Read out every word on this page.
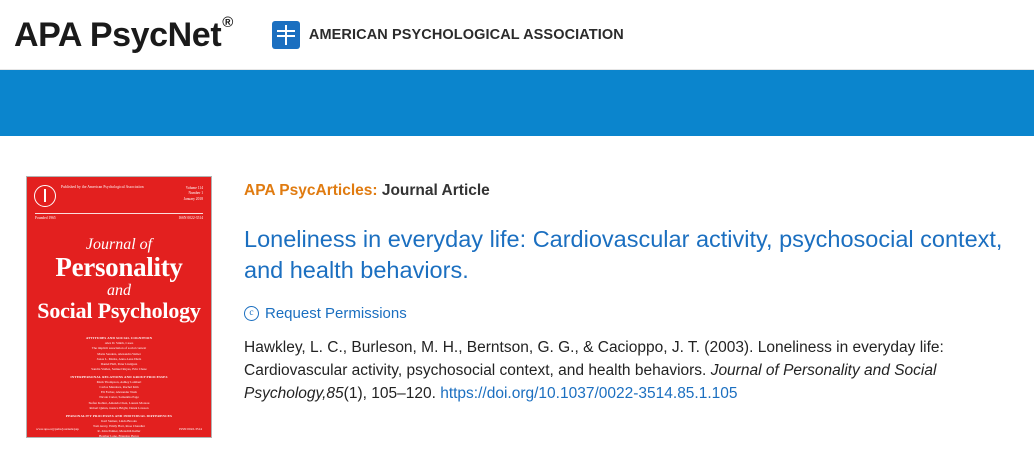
APA PsycNet®
AMERICAN PSYCHOLOGICAL ASSOCIATION
Published by the American Psychological Association	Volume 114
Number 1
January 2018
Founded 1965	ISSN 0022-3514
Journal of
Personality
and
Social Psychology
ATTITUDES AND SOCIAL COGNITION
Alex D. Smith, Cases
The implicit association of social context
Maria Sanders, Alexandra Weber
Jonas L. Marks, Anna-Lena Dietz
Daniel Hall, Peter Lindgren
Sandra Valdez, Samuel Reyes, Erin Chase
INTERPERSONAL RELATIONS AND GROUP PROCESSES
Mark Thompson, Ashley Lambert
Carlos Mendoza, Rachel Kim
Eli Farber, Alexander Nash
Nicole Carter, Samantha Page
Stefan Kohler, Amanda Chen, Lauren Moreau
Robert Quinn, Jessica Bright, Derek Lawson
PERSONALITY PROCESSES AND INDIVIDUAL DIFFERENCES
Karl Steiner, Linda Brooks
Tom Avery, Emily Hart, Rose Chandler
R. John Palmer, Meredith Keller
Heather Lane, Brandon Pierce
Owen Webb, Michelle Saunders
Jason Liu, Natalie Reed, Christopher Moss
Megan Ward, Kenneth Park
www.apa.org/pubs/journals/psp	ISSN 0022-3514
APA PsycArticles: Journal Article
Loneliness in everyday life: Cardiovascular activity, psychosocial context, and health behaviors.
c Request Permissions
Hawkley, L. C., Burleson, M. H., Berntson, G. G., & Cacioppo, J. T. (2003). Loneliness in everyday life: Cardiovascular activity, psychosocial context, and health behaviors. Journal of Personality and Social Psychology,85(1), 105–120. https://doi.org/10.1037/0022-3514.85.1.105
